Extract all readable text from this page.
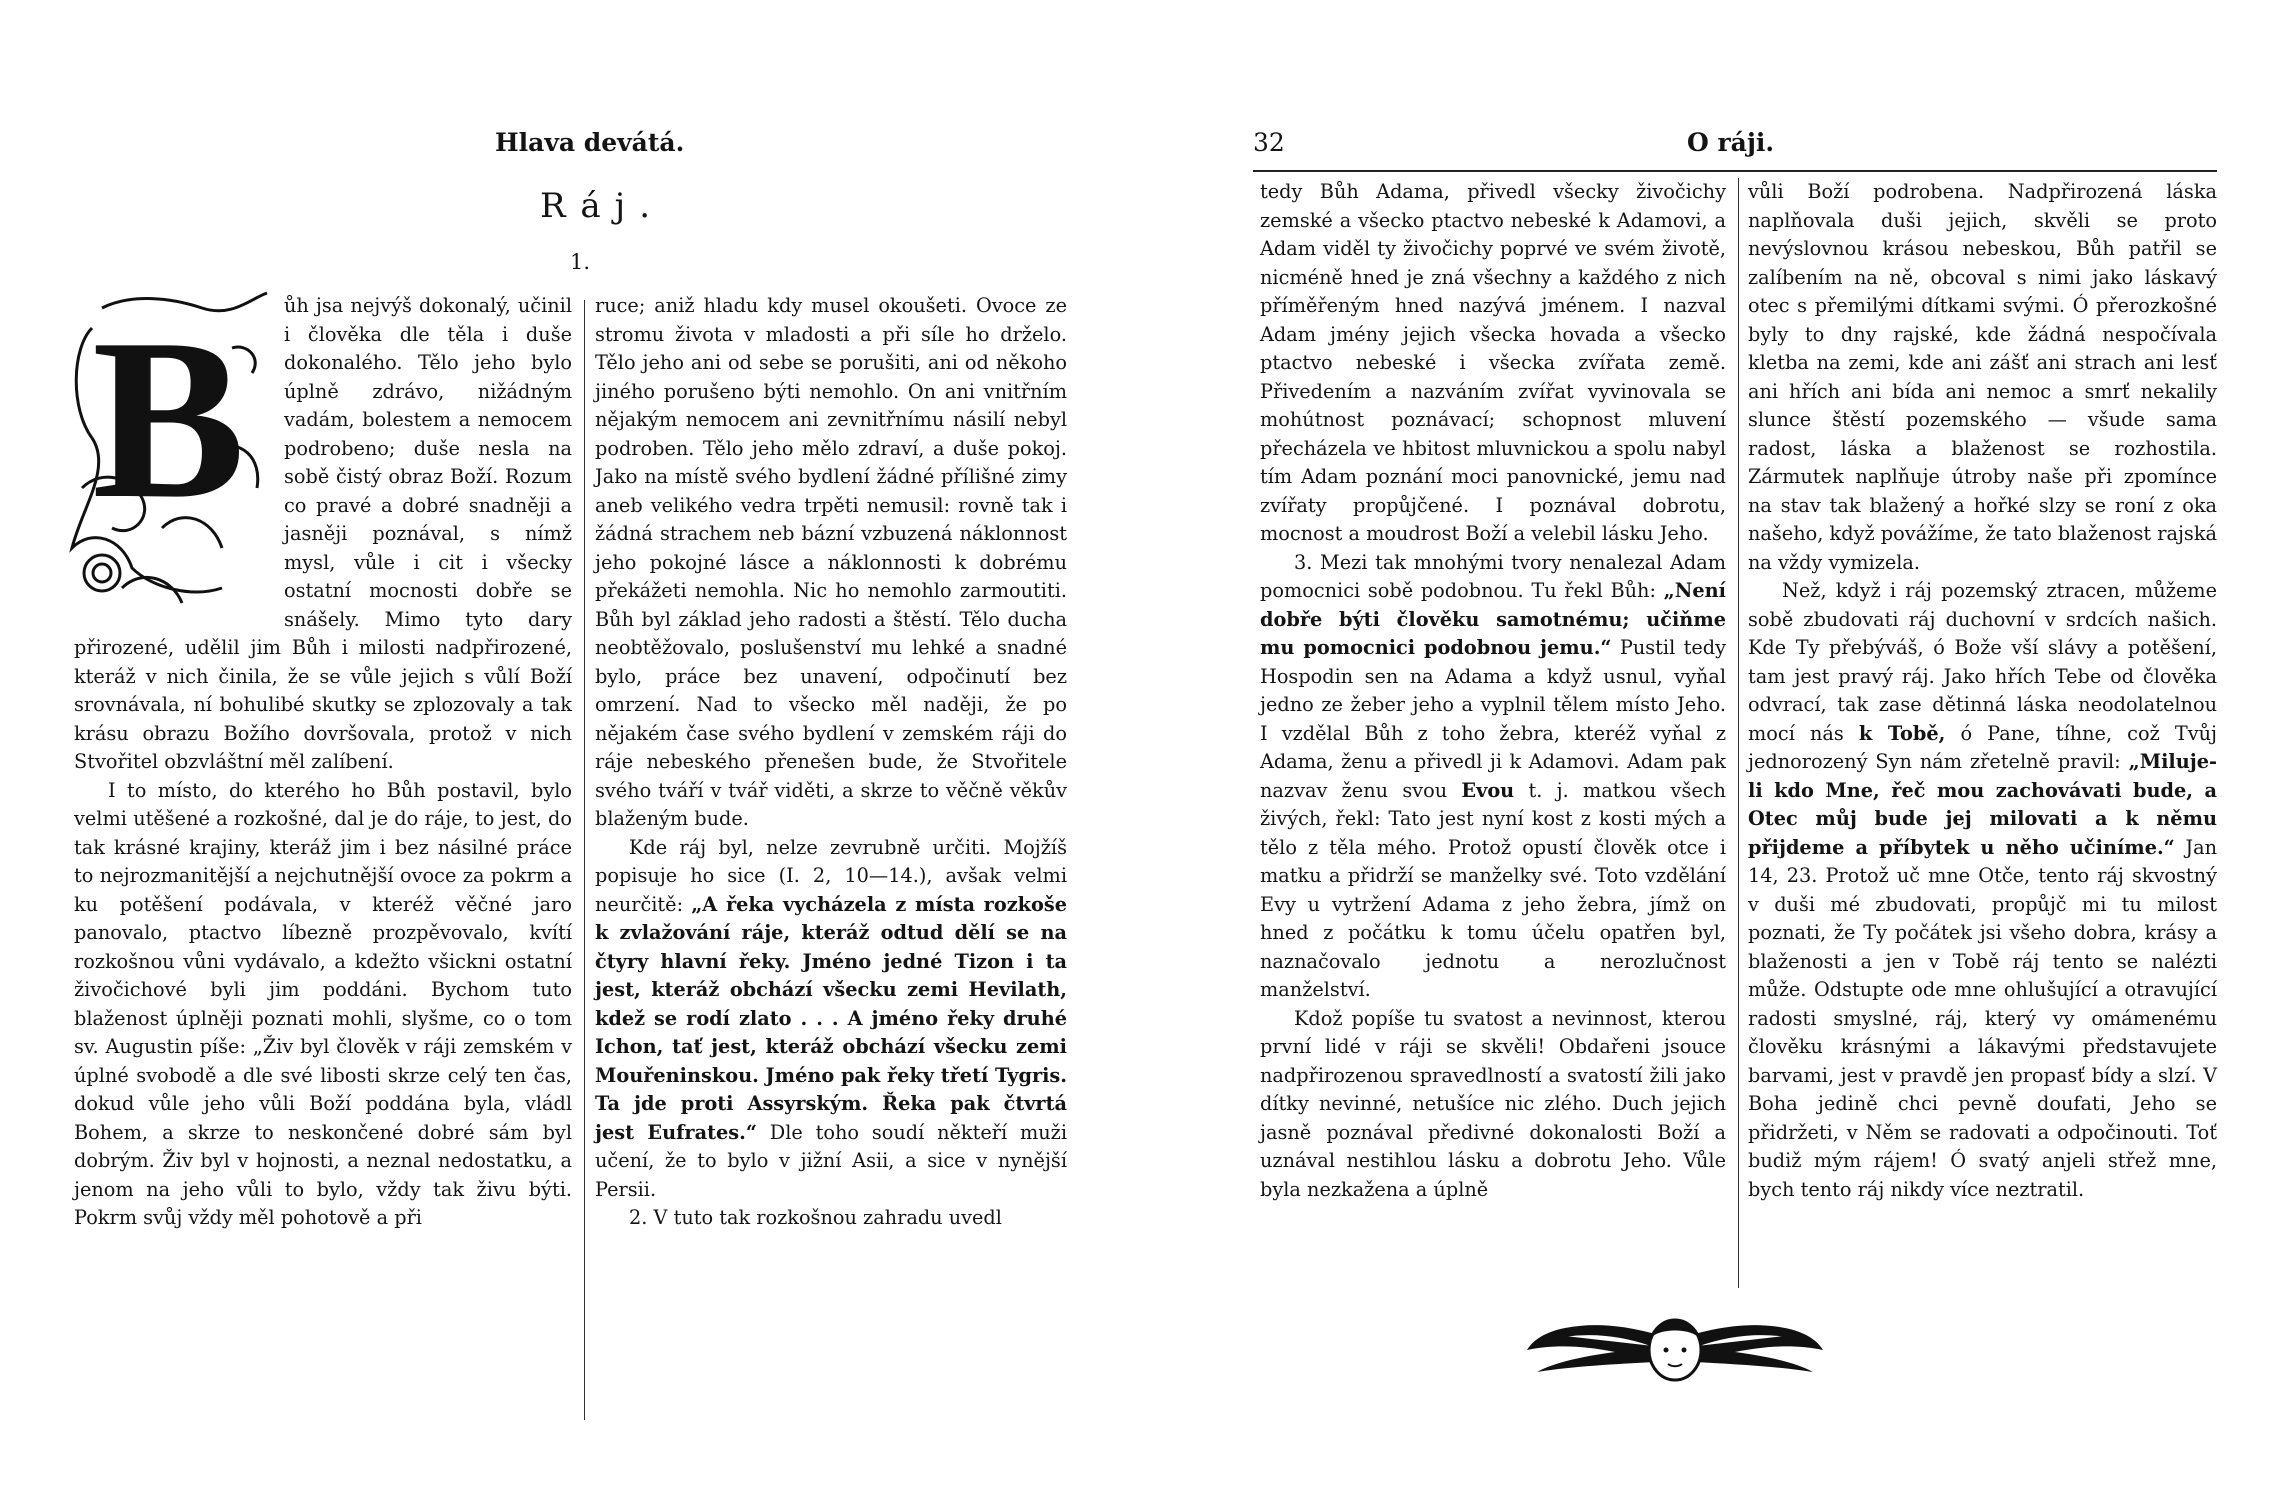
Hlava devátá.
Ráj.
1.
B	ůh jsa nejvýš dokonalý, učinil i člověka dle těla i duše dokonalého. Tělo jeho bylo úplně zdrávo, nižádným vadám, bolestem a nemocem podrobeno; duše nesla na sobě čistý obraz Boží. Rozum co pravé a dobré snadněji a jasněji poznával, s nímž mysl, vůle i cit i všecky ostatní mocnosti dobře se snášely. Mimo tyto dary přirozené, udělil jim Bůh i milosti nadpřirozené, kteráž v nich činila, že se vůle jejich s vůlí Boží srovnávala, ní bohulibé skutky se zplozovaly a tak krásu obrazu Božího dovršovala, protož v nich Stvořitel obzvláštní měl zalíbení.

I to místo, do kterého ho Bůh postavil, bylo velmi utěšené a rozkošné, dal je do ráje, to jest, do tak krásné krajiny, kteráž jim i bez násilné práce to nejrozmanitější a nejchutnější ovoce za pokrm a ku potěšení podávala, v kteréž věčné jaro panovalo, ptactvo líbezně prozpěvovalo, kvítí rozkošnou vůni vydávalo, a kdežto všickni ostatní živočichové byli jim poddáni. Bychom tuto blaženost úplněji poznati mohli, slyšme, co o tom sv. Augustin píše: „Živ byl člověk v ráji zemském v úplné svobodě a dle své libosti skrze celý ten čas, dokud vůle jeho vůli Boží poddána byla, vládl Bohem, a skrze to neskončené dobré sám byl dobrým. Živ byl v hojnosti, a neznal nedostatku, a jenom na jeho vůli to bylo, vždy tak živu býti. Pokrm svůj vždy měl pohotově a při

ruce; aniž hladu kdy musel okoušeti. Ovoce ze stromu života v mladosti a při síle ho drželo. Tělo jeho ani od sebe se porušiti, ani od někoho jiného porušeno býti nemohlo. On ani vnitřním nějakým nemocem ani zevnitřnímu násilí nebyl podroben. Tělo jeho mělo zdraví, a duše pokoj. Jako na místě svého bydlení žádné přílišné zimy aneb velikého vedra trpěti nemusil: rovně tak i žádná strachem neb bázní vzbuzená náklonnost jeho pokojné lásce a náklonnosti k dobrému překážeti nemohla. Nic ho nemohlo zarmoutiti. Bůh byl základ jeho radosti a štěstí. Tělo ducha neobtěžovalo, poslušenství mu lehké a snadné bylo, práce bez unavení, odpočinutí bez omrzení. Nad to všecko měl naději, že po nějakém čase svého bydlení v zemském ráji do ráje nebeského přenešen bude, že Stvořitele svého tváří v tvář viděti, a skrze to věčně věkův blaženým bude.

Kde ráj byl, nelze zevrubně určiti. Mojžíš popisuje ho sice (I. 2, 10—14.), avšak velmi neurčitě: „A řeka vycházela z místa rozkoše k zvlažování ráje, kteráž odtud dělí se na čtyry hlavní řeky. Jméno jedné Tizon i ta jest, kteráž obchází všecku zemi Hevilath, kdež se rodí zlato . . . A jméno řeky druhé Ichon, tať jest, kteráž obchází všecku zemi Mouřeninskou. Jméno pak řeky třetí Tygris. Ta jde proti Assyrským. Řeka pak čtvrtá jest Eufrates.“ Dle toho soudí někteří muži učení, že to bylo v jižní Asii, a sice v nynější Persii.

2. V tuto tak rozkošnou zahradu uvedl

32	O ráji.

tedy Bůh Adama, přivedl všecky živočichy zemské a všecko ptactvo nebeské k Adamovi, a Adam viděl ty živočichy poprvé ve svém životě, nicméně hned je zná všechny a každého z nich příměřeným hned nazývá jménem. I nazval Adam jmény jejich všecka hovada a všecko ptactvo nebeské i všecka zvířata země. Přivedením a nazváním zvířat vyvinovala se mohútnost poznávací; schopnost mluvení přecházela ve hbitost mluvnickou a spolu nabyl tím Adam poznání moci panovnické, jemu nad zvířaty propůjčené. I poznával dobrotu, mocnost a moudrost Boží a velebil lásku Jeho.

3. Mezi tak mnohými tvory nenalezal Adam pomocnici sobě podobnou. Tu řekl Bůh: „Není dobře býti člověku samotnému; učiňme mu pomocnici podobnou jemu.“ Pustil tedy Hospodin sen na Adama a když usnul, vyňal jedno ze žeber jeho a vyplnil tělem místo Jeho. I vzdělal Bůh z toho žebra, kteréž vyňal z Adama, ženu a přivedl ji k Adamovi. Adam pak nazvav ženu svou Evou t. j. matkou všech živých, řekl: Tato jest nyní kost z kosti mých a tělo z těla mého. Protož opustí člověk otce i matku a přidrží se manželky své. Toto vzdělání Evy u vytržení Adama z jeho žebra, jímž on hned z počátku k tomu účelu opatřen byl, naznačovalo jednotu a nerozlučnost manželství.

Kdož popíše tu svatost a nevinnost, kterou první lidé v ráji se skvěli! Obdařeni jsouce nadpřirozenou spravedlností a svatostí žili jako dítky nevinné, netušíce nic zlého. Duch jejich jasně poznával předivné dokonalosti Boží a uznával nestihlou lásku a dobrotu Jeho. Vůle byla nezkažena a úplně

vůli Boží podrobena. Nadpřirozená láska naplňovala duši jejich, skvěli se proto nevýslovnou krásou nebeskou, Bůh patřil se zalíbením na ně, obcoval s nimi jako láskavý otec s přemilými dítkami svými. Ó přerozkošné byly to dny rajské, kde žádná nespočívala kletba na zemi, kde ani zášť ani strach ani lesť ani hřích ani bída ani nemoc a smrť nekalily slunce štěstí pozemského — všude sama radost, láska a blaženost se rozhostila. Zármutek naplňuje útroby naše při zpomínce na stav tak blažený a hořké slzy se roní z oka našeho, když povážíme, že tato blaženost rajská na vždy vymizela.

Než, když i ráj pozemský ztracen, můžeme sobě zbudovati ráj duchovní v srdcích našich. Kde Ty přebýváš, ó Bože vší slávy a potěšení, tam jest pravý ráj. Jako hřích Tebe od člověka odvrací, tak zase dětinná láska neodolatelnou mocí nás k Tobě, ó Pane, tíhne, což Tvůj jednorozený Syn nám zřetelně pravil: „Miluje-li kdo Mne, řeč mou zachovávati bude, a Otec můj bude jej milovati a k němu přijdeme a příbytek u něho učiníme.“ Jan 14, 23. Protož uč mne Otče, tento ráj skvostný v duši mé zbudovati, propůjč mi tu milost poznati, že Ty počátek jsi všeho dobra, krásy a blaženosti a jen v Tobě ráj tento se nalézti může. Odstupte ode mne ohlušující a otravující radosti smyslné, ráj, který vy omámenému člověku krásnými a lákavými představujete barvami, jest v pravdě jen propasť bídy a slzí. V Boha jedině chci pevně doufati, Jeho se přidržeti, v Něm se radovati a odpočinouti. Toť budiž mým rájem! Ó svatý anjeli střež mne, bych tento ráj nikdy více neztratil.
